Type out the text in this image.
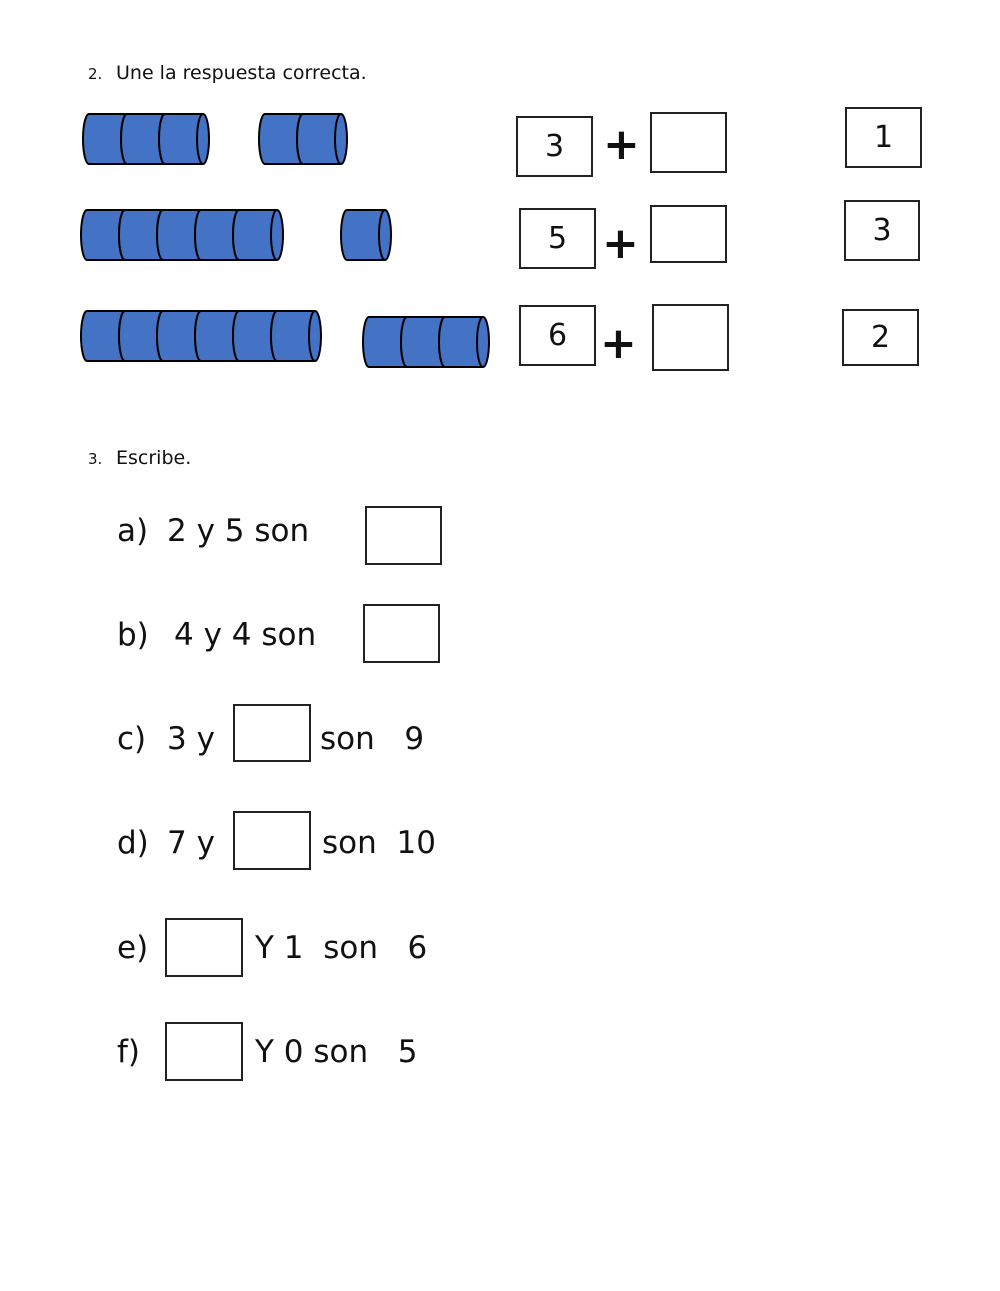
2. Une la respuesta correcta.
3 +	1
5 +	3
6 +	2
3. Escribe.
a) 2 y 5 son
b) 4 y 4 son
c) 3 y	son   9
d) 7 y	son  10
e)	Y 1  son   6
f)	Y 0 son   5
